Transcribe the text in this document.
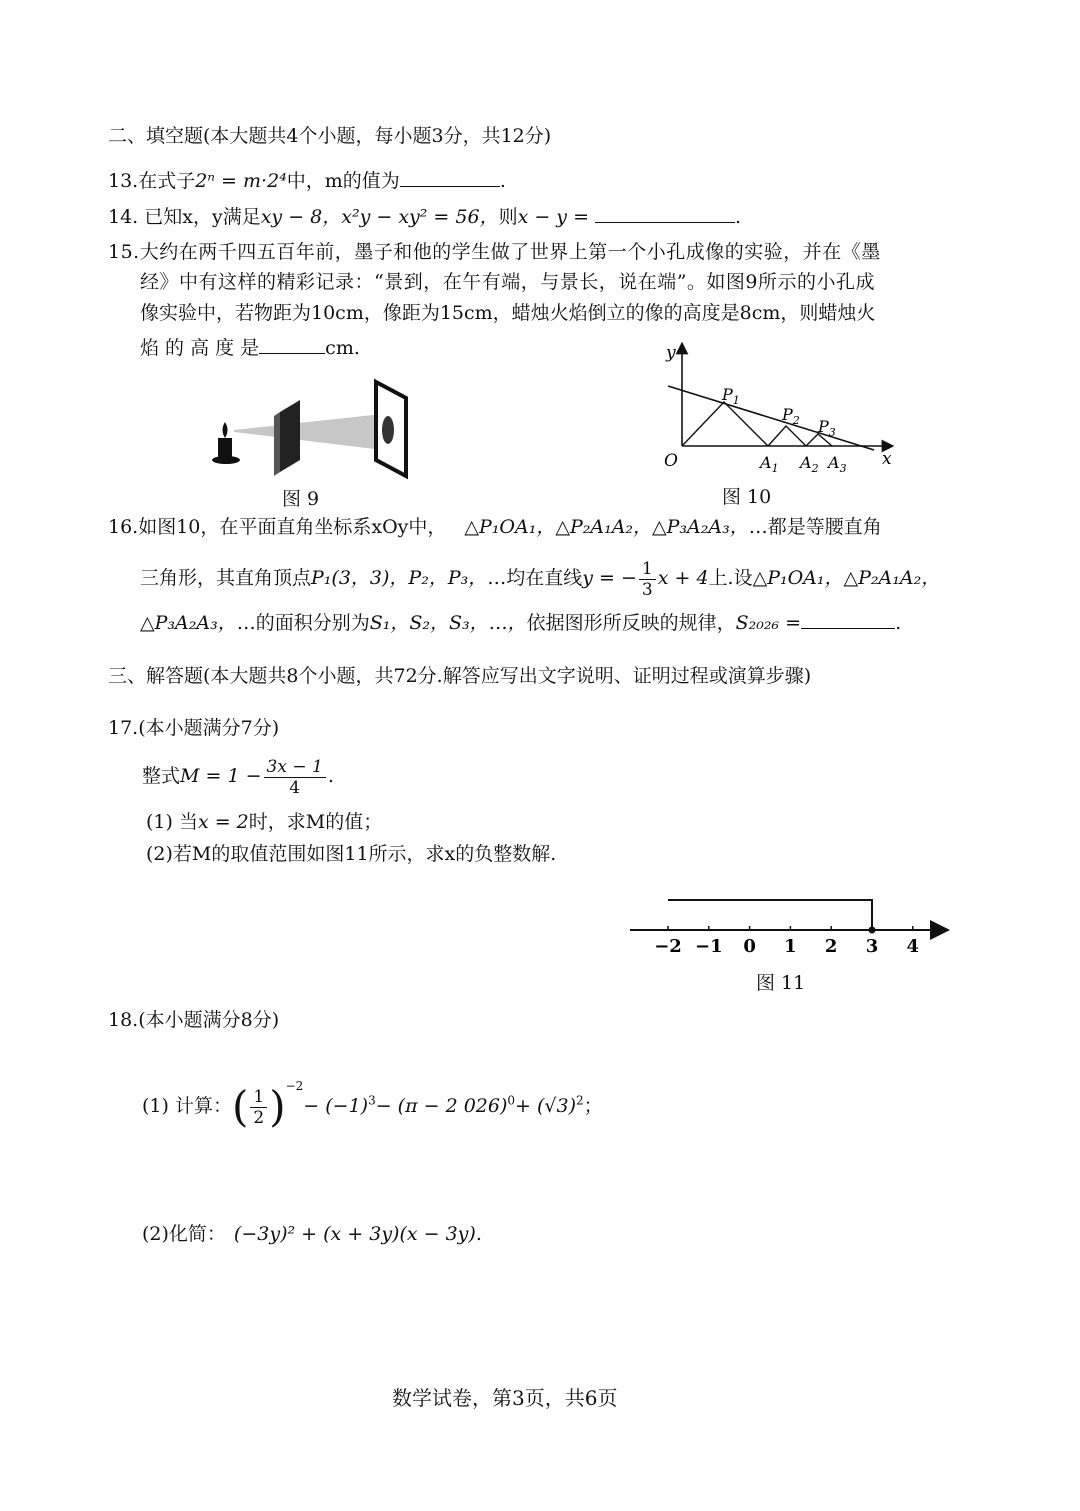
二、填空题(本大题共4个小题，每小题3分，共12分)
13.在式子2ⁿ = m·2⁴中，m的值为	.
14. 已知x，y满足xy − 8，x²y − xy² = 56，则x − y =	.
15.大约在两千四五百年前，墨子和他的学生做了世界上第一个小孔成像的实验，并在《墨
经》中有这样的精彩记录：“景到，在午有端，与景长，说在端”。如图9所示的小孔成
像实验中，若物距为10cm，像距为15cm，蜡烛火焰倒立的像的高度是8cm，则蜡烛火
焰 的 高 度 是	cm.
图 9
y
x
O
$P_1$
$P_2$ $P_3$
$A_1$ $A_2$ $A_3$
图 10
16.如图10，在平面直角坐标系xOy中， △P₁OA₁，△P₂A₁A₂，△P₃A₂A₃，…都是等腰直角
三角形，其直角顶点P₁(3，3)，P₂，P₃，…均在直线y = − $\frac{1}{3}$ x + 4上.设△P₁OA₁，△P₂A₁A₂，
△P₃A₂A₃，…的面积分别为S₁，S₂，S₃，…，依据图形所反映的规律，S₂₀₂₆ =	.
三、解答题(本大题共8个小题，共72分.解答应写出文字说明、证明过程或演算步骤)
17.(本小题满分7分)
整式$M = 1 - \frac{3x - 1}{4}$ .
(1) 当x = 2时，求M的值；
(2)若M的取值范围如图11所示，求x的负整数解.
−2 −1 0 1 2 3 4
图 11
18.(本小题满分8分)
(1) 计算：( $\frac{1}{2} )^{-2}- (-1)^3- (\pi - 2$ $026)^0+ (√3)^2$；
(2)化简： (−3y)² + (x + 3y)(x − 3y).
数学试卷，第3页，共6页
